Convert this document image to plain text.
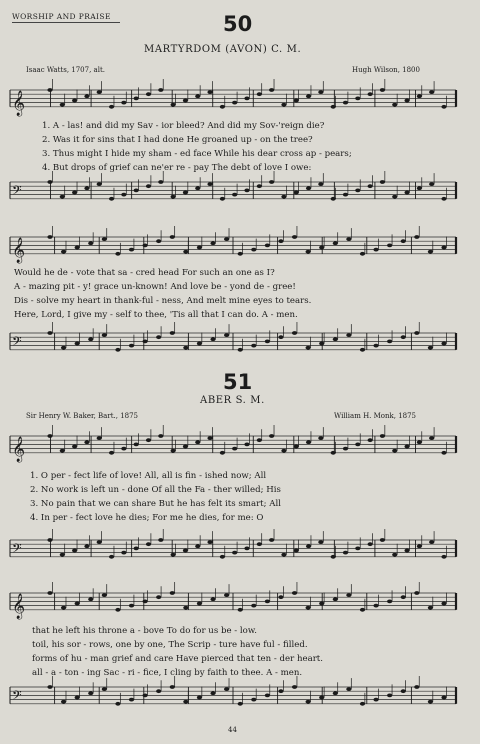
𝄞
𝄢
𝄞
𝄢
𝄞
𝄢
𝄞
𝄢
WORSHIP AND PRAISE	50
MARTYRDOM (AVON) C. M.
Isaac Watts, 1707, alt.	Hugh Wilson, 1800
1. A - las! and did my Sav - ior bleed? And did my Sov-'reign die?
2. Was it for sins that I had done He groaned up - on the tree?
3. Thus might I hide my sham - ed face While his dear cross ap - pears;
4. But drops of grief can ne'er re - pay The debt of love I owe:
Would he de - vote that sa - cred head For such an one as I?
A - mazing pit - y! grace un-known! And love be - yond de - gree!
Dis - solve my heart in thank-ful - ness, And melt mine eyes to tears.
Here, Lord, I give my - self to thee, 'Tis all that I can do. A - men.
51
ABER S. M.
Sir Henry W. Baker, Bart., 1875	William H. Monk, 1875
1. O per - fect life of love! All, all is fin - ished now; All
2. No work is left un - done Of all the Fa - ther willed; His
3. No pain that we can share But he has felt its smart; All
4. In per - fect love he dies; For me he dies, for me: O
that he left his throne a - bove To do for us be - low.
toil, his sor - rows, one by one, The Scrip - ture have ful - filled.
forms of hu - man grief and care Have pierced that ten - der heart.
all - a - ton - ing Sac - ri - fice, I cling by faith to thee. A - men.
44
